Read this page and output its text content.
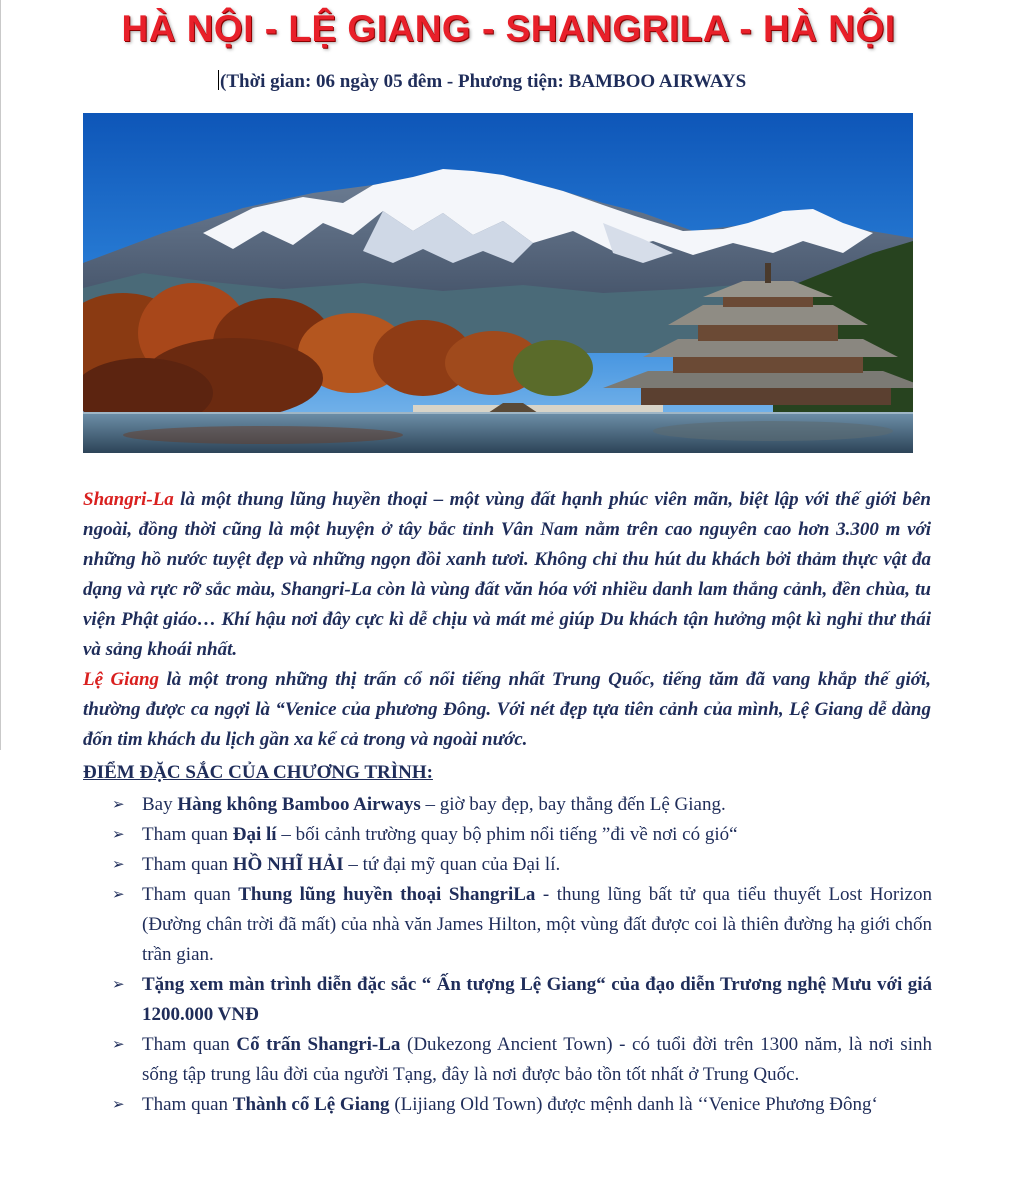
HÀ NỘI - LỆ GIANG - SHANGRILA - HÀ NỘI
(Thời gian: 06 ngày 05 đêm - Phương tiện: BAMBOO AIRWAYS

Shangri-La là một thung lũng huyền thoại – một vùng đất hạnh phúc viên mãn, biệt lập với thế giới bên ngoài, đồng thời cũng là một huyện ở tây bắc tỉnh Vân Nam nằm trên cao nguyên cao hơn 3.300 m với những hồ nước tuyệt đẹp và những ngọn đồi xanh tươi. Không chỉ thu hút du khách bởi thảm thực vật đa dạng và rực rỡ sắc màu, Shangri-La còn là vùng đất văn hóa với nhiều danh lam thắng cảnh, đền chùa, tu viện Phật giáo… Khí hậu nơi đây cực kì dễ chịu và mát mẻ giúp Du khách tận hưởng một kì nghỉ thư thái và sảng khoái nhất.

Lệ Giang là một trong những thị trấn cổ nổi tiếng nhất Trung Quốc, tiếng tăm đã vang khắp thế giới, thường được ca ngợi là “Venice của phương Đông. Với nét đẹp tựa tiên cảnh của mình, Lệ Giang dễ dàng đốn tim khách du lịch gần xa kể cả trong và ngoài nước.

ĐIỂM ĐẶC SẮC CỦA CHƯƠNG TRÌNH:
➢ Bay Hàng không Bamboo Airways – giờ bay đẹp, bay thẳng đến Lệ Giang.
➢ Tham quan Đại lí – bối cảnh trường quay bộ phim nổi tiếng ”đi về nơi có gió“
➢ Tham quan HỒ NHĨ HẢI – tứ đại mỹ quan của Đại lí.
➢ Tham quan Thung lũng huyền thoại ShangriLa - thung lũng bất tử qua tiểu thuyết Lost Horizon (Đường chân trời đã mất) của nhà văn James Hilton, một vùng đất được coi là thiên đường hạ giới chốn trần gian.
➢ Tặng xem màn trình diễn đặc sắc “ Ấn tượng Lệ Giang“ của đạo diễn Trương nghệ Mưu với giá 1200.000 VNĐ
➢ Tham quan Cổ trấn Shangri-La (Dukezong Ancient Town) - có tuổi đời trên 1300 năm, là nơi sinh sống tập trung lâu đời của người Tạng, đây là nơi được bảo tồn tốt nhất ở Trung Quốc.
➢ Tham quan Thành cổ Lệ Giang (Lijiang Old Town) được mệnh danh là ‘‘Venice Phương Đông‘
